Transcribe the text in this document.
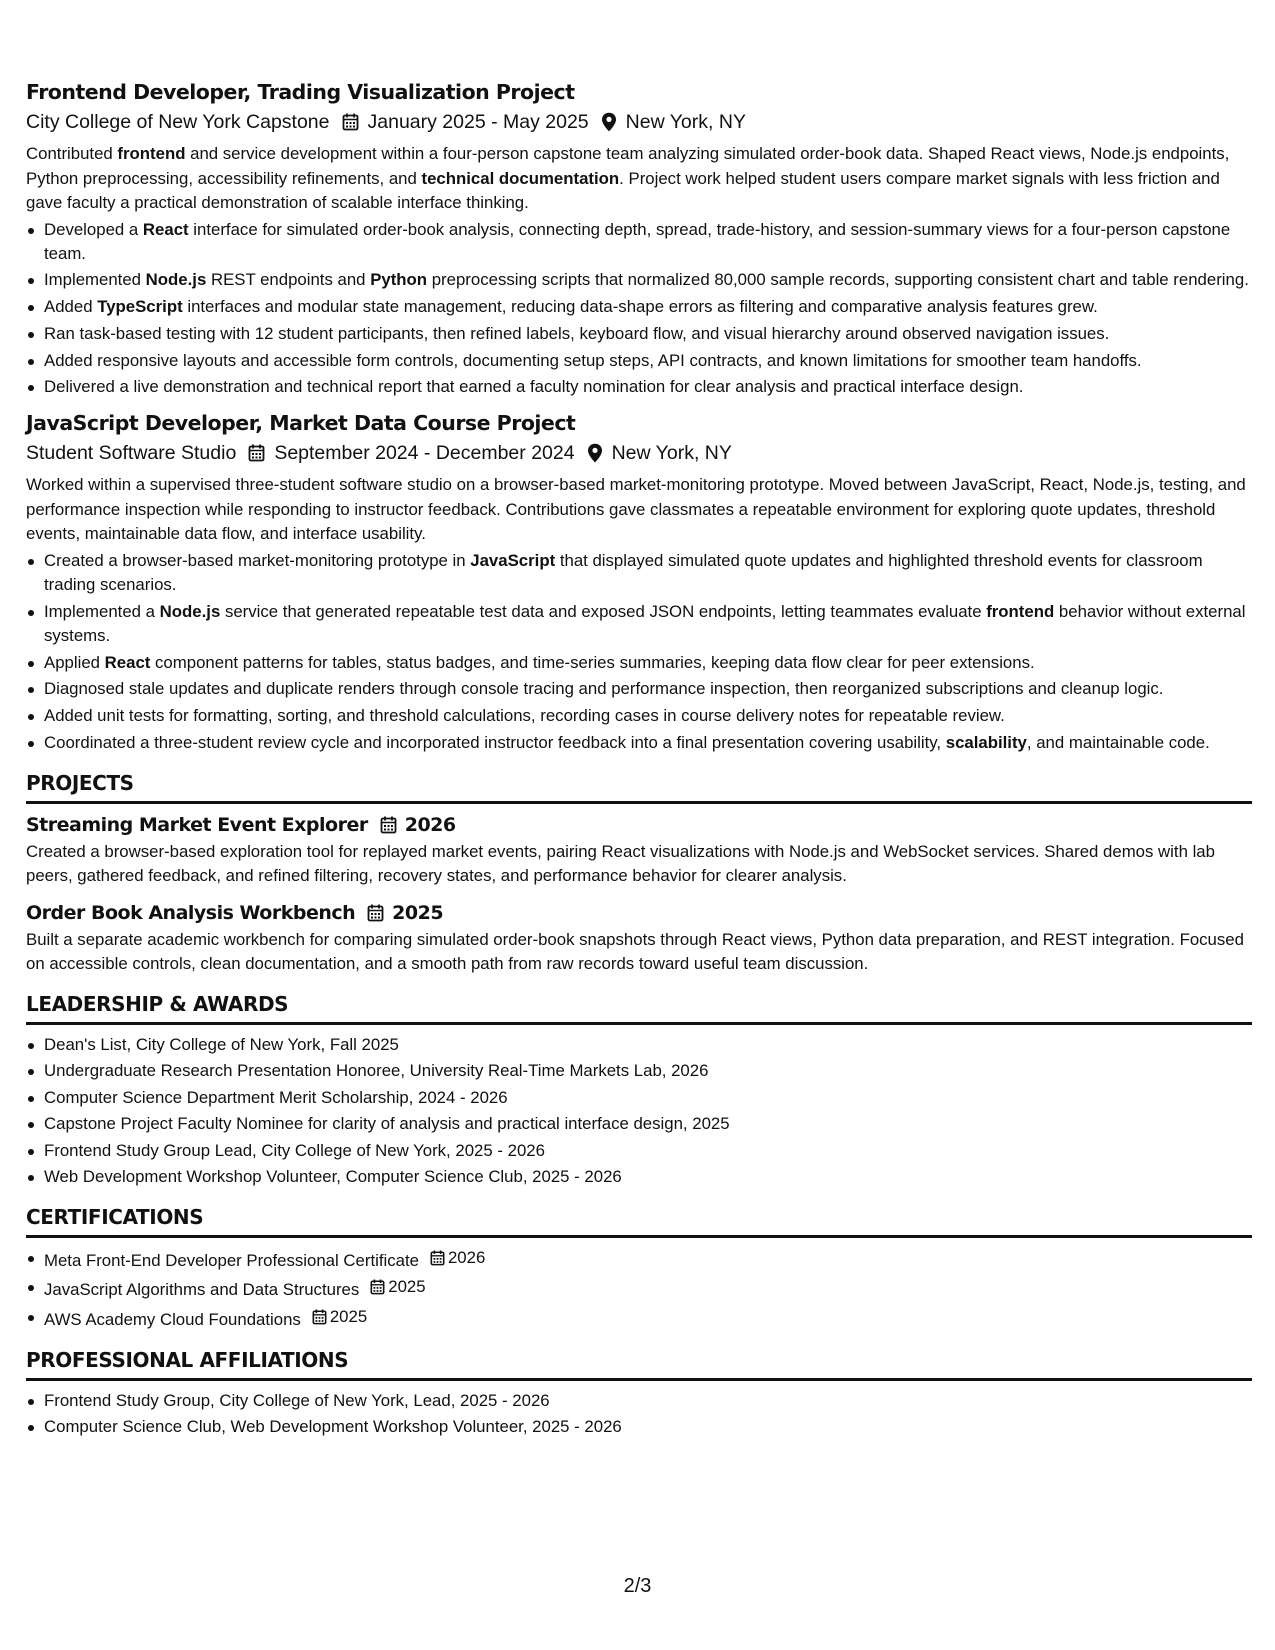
Frontend Developer, Trading Visualization Project
City College of New York Capstone January 2025 - May 2025 New York, NY
Contributed frontend and service development within a four-person capstone team analyzing simulated order-book data. Shaped React views, Node.js endpoints, Python preprocessing, accessibility refinements, and technical documentation. Project work helped student users compare market signals with less friction and gave faculty a practical demonstration of scalable interface thinking.
Developed a React interface for simulated order-book analysis, connecting depth, spread, trade-history, and session-summary views for a four-person capstone team.
Implemented Node.js REST endpoints and Python preprocessing scripts that normalized 80,000 sample records, supporting consistent chart and table rendering.
Added TypeScript interfaces and modular state management, reducing data-shape errors as filtering and comparative analysis features grew.
Ran task-based testing with 12 student participants, then refined labels, keyboard flow, and visual hierarchy around observed navigation issues.
Added responsive layouts and accessible form controls, documenting setup steps, API contracts, and known limitations for smoother team handoffs.
Delivered a live demonstration and technical report that earned a faculty nomination for clear analysis and practical interface design.
JavaScript Developer, Market Data Course Project
Student Software Studio September 2024 - December 2024 New York, NY
Worked within a supervised three-student software studio on a browser-based market-monitoring prototype. Moved between JavaScript, React, Node.js, testing, and performance inspection while responding to instructor feedback. Contributions gave classmates a repeatable environment for exploring quote updates, threshold events, maintainable data flow, and interface usability.
Created a browser-based market-monitoring prototype in JavaScript that displayed simulated quote updates and highlighted threshold events for classroom trading scenarios.
Implemented a Node.js service that generated repeatable test data and exposed JSON endpoints, letting teammates evaluate frontend behavior without external systems.
Applied React component patterns for tables, status badges, and time-series summaries, keeping data flow clear for peer extensions.
Diagnosed stale updates and duplicate renders through console tracing and performance inspection, then reorganized subscriptions and cleanup logic.
Added unit tests for formatting, sorting, and threshold calculations, recording cases in course delivery notes for repeatable review.
Coordinated a three-student review cycle and incorporated instructor feedback into a final presentation covering usability, scalability, and maintainable code.
PROJECTS
Streaming Market Event Explorer 2026
Created a browser-based exploration tool for replayed market events, pairing React visualizations with Node.js and WebSocket services. Shared demos with lab peers, gathered feedback, and refined filtering, recovery states, and performance behavior for clearer analysis.
Order Book Analysis Workbench 2025
Built a separate academic workbench for comparing simulated order-book snapshots through React views, Python data preparation, and REST integration. Focused on accessible controls, clean documentation, and a smooth path from raw records toward useful team discussion.
LEADERSHIP & AWARDS
Dean's List, City College of New York, Fall 2025
Undergraduate Research Presentation Honoree, University Real-Time Markets Lab, 2026
Computer Science Department Merit Scholarship, 2024 - 2026
Capstone Project Faculty Nominee for clarity of analysis and practical interface design, 2025
Frontend Study Group Lead, City College of New York, 2025 - 2026
Web Development Workshop Volunteer, Computer Science Club, 2025 - 2026
CERTIFICATIONS
Meta Front-End Developer Professional Certificate 2026
JavaScript Algorithms and Data Structures 2025
AWS Academy Cloud Foundations 2025
PROFESSIONAL AFFILIATIONS
Frontend Study Group, City College of New York, Lead, 2025 - 2026
Computer Science Club, Web Development Workshop Volunteer, 2025 - 2026
2/3
